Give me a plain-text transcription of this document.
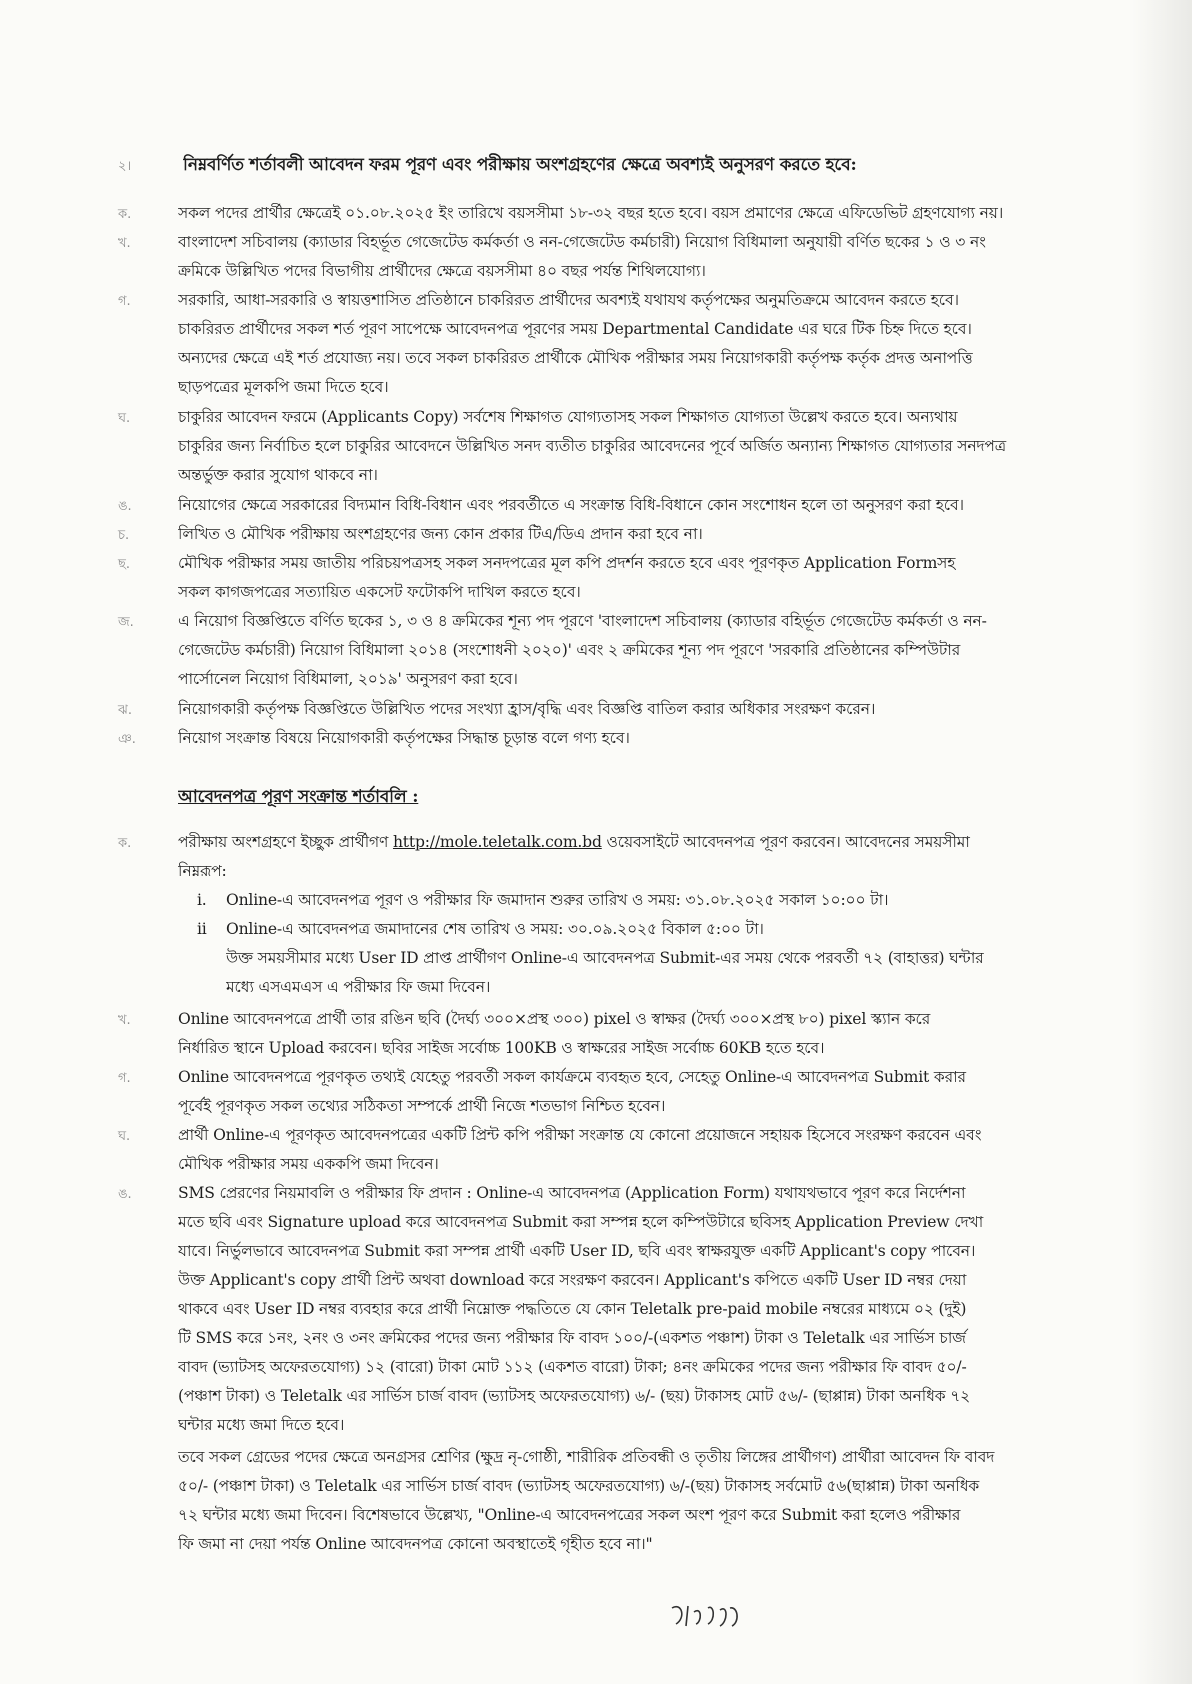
২।	নিম্নবর্ণিত শর্তাবলী আবেদন ফরম পূরণ এবং পরীক্ষায় অংশগ্রহণের ক্ষেত্রে অবশ্যই অনুসরণ করতে হবে:
ক.	সকল পদের প্রার্থীর ক্ষেত্রেই ০১.০৮.২০২৫ ইং তারিখে বয়সসীমা ১৮-৩২ বছর হতে হবে। বয়স প্রমাণের ক্ষেত্রে এফিডেভিট গ্রহণযোগ্য নয়।
খ.	বাংলাদেশ সচিবালয় (ক্যাডার বিহর্ভূত গেজেটেড কর্মকর্তা ও নন-গেজেটেড কর্মচারী) নিয়োগ বিধিমালা অনুযায়ী বর্ণিত ছকের ১ ও ৩ নং
ক্রমিকে উল্লিখিত পদের বিভাগীয় প্রার্থীদের ক্ষেত্রে বয়সসীমা ৪০ বছর পর্যন্ত শিথিলযোগ্য।
গ.	সরকারি, আধা-সরকারি ও স্বায়ত্তশাসিত প্রতিষ্ঠানে চাকরিরত প্রার্থীদের অবশ্যই যথাযথ কর্তৃপক্ষের অনুমতিক্রমে আবেদন করতে হবে।
চাকরিরত প্রার্থীদের সকল শর্ত পূরণ সাপেক্ষে আবেদনপত্র পূরণের সময় Departmental Candidate এর ঘরে টিক চিহ্ন দিতে হবে।
অন্যদের ক্ষেত্রে এই শর্ত প্রযোজ্য নয়। তবে সকল চাকরিরত প্রার্থীকে মৌখিক পরীক্ষার সময় নিয়োগকারী কর্তৃপক্ষ কর্তৃক প্রদত্ত অনাপত্তি
ছাড়পত্রের মূলকপি জমা দিতে হবে।
ঘ.	চাকুরির আবেদন ফরমে (Applicants Copy) সর্বশেষ শিক্ষাগত যোগ্যতাসহ সকল শিক্ষাগত যোগ্যতা উল্লেখ করতে হবে। অন্যথায়
চাকুরির জন্য নির্বাচিত হলে চাকুরির আবেদনে উল্লিখিত সনদ ব্যতীত চাকুরির আবেদনের পূর্বে অর্জিত অন্যান্য শিক্ষাগত যোগ্যতার সনদপত্র
অন্তর্ভুক্ত করার সুযোগ থাকবে না।
ঙ.	নিয়োগের ক্ষেত্রে সরকারের বিদ্যমান বিধি-বিধান এবং পরবর্তীতে এ সংক্রান্ত বিধি-বিধানে কোন সংশোধন হলে তা অনুসরণ করা হবে।
চ.	লিখিত ও মৌখিক পরীক্ষায় অংশগ্রহণের জন্য কোন প্রকার টিএ/ডিএ প্রদান করা হবে না।
ছ.	মৌখিক পরীক্ষার সময় জাতীয় পরিচয়পত্রসহ সকল সনদপত্রের মূল কপি প্রদর্শন করতে হবে এবং পূরণকৃত Application Formসহ
সকল কাগজপত্রের সত্যায়িত একসেট ফটোকপি দাখিল করতে হবে।
জ.	এ নিয়োগ বিজ্ঞপ্তিতে বর্ণিত ছকের ১, ৩ ও ৪ ক্রমিকের শূন্য পদ পূরণে 'বাংলাদেশ সচিবালয় (ক্যাডার বহির্ভূত গেজেটেড কর্মকর্তা ও নন-
গেজেটেড কর্মচারী) নিয়োগ বিধিমালা ২০১৪ (সংশোধনী ২০২০)' এবং ২ ক্রমিকের শূন্য পদ পূরণে 'সরকারি প্রতিষ্ঠানের কম্পিউটার
পার্সোনেল নিয়োগ বিধিমালা, ২০১৯' অনুসরণ করা হবে।
ঝ.	নিয়োগকারী কর্তৃপক্ষ বিজ্ঞপ্তিতে উল্লিখিত পদের সংখ্যা হ্রাস/বৃদ্ধি এবং বিজ্ঞপ্তি বাতিল করার অধিকার সংরক্ষণ করেন।
ঞ.	নিয়োগ সংক্রান্ত বিষয়ে নিয়োগকারী কর্তৃপক্ষের সিদ্ধান্ত চূড়ান্ত বলে গণ্য হবে।
আবেদনপত্র পূরণ সংক্রান্ত শর্তাবলি :
ক.	পরীক্ষায় অংশগ্রহণে ইচ্ছুক প্রার্থীগণ http://mole.teletalk.com.bd ওয়েবসাইটে আবেদনপত্র পূরণ করবেন। আবেদনের সময়সীমা
নিম্নরূপ:
i.	Online-এ আবেদনপত্র পূরণ ও পরীক্ষার ফি জমাদান শুরুর তারিখ ও সময়: ৩১.০৮.২০২৫ সকাল ১০:০০ টা।
ii	Online-এ আবেদনপত্র জমাদানের শেষ তারিখ ও সময়: ৩০.০৯.২০২৫ বিকাল ৫:০০ টা।
উক্ত সময়সীমার মধ্যে User ID প্রাপ্ত প্রার্থীগণ Online-এ আবেদনপত্র Submit-এর সময় থেকে পরবর্তী ৭২ (বাহাত্তর) ঘন্টার
মধ্যে এসএমএস এ পরীক্ষার ফি জমা দিবেন।
খ.	Online আবেদনপত্রে প্রার্থী তার রঙিন ছবি (দৈর্ঘ্য ৩০০×প্রস্থ ৩০০) pixel ও স্বাক্ষর (দৈর্ঘ্য ৩০০×প্রস্থ ৮০) pixel স্ক্যান করে
নির্ধারিত স্থানে Upload করবেন। ছবির সাইজ সর্বোচ্চ 100KB ও স্বাক্ষরের সাইজ সর্বোচ্চ 60KB হতে হবে।
গ.	Online আবেদনপত্রে পূরণকৃত তথ্যই যেহেতু পরবর্তী সকল কার্যক্রমে ব্যবহৃত হবে, সেহেতু Online-এ আবেদনপত্র Submit করার
পূর্বেই পূরণকৃত সকল তথ্যের সঠিকতা সম্পর্কে প্রার্থী নিজে শতভাগ নিশ্চিত হবেন।
ঘ.	প্রার্থী Online-এ পূরণকৃত আবেদনপত্রের একটি প্রিন্ট কপি পরীক্ষা সংক্রান্ত যে কোনো প্রয়োজনে সহায়ক হিসেবে সংরক্ষণ করবেন এবং
মৌখিক পরীক্ষার সময় এককপি জমা দিবেন।
ঙ.	SMS প্রেরণের নিয়মাবলি ও পরীক্ষার ফি প্রদান : Online-এ আবেদনপত্র (Application Form) যথাযথভাবে পূরণ করে নির্দেশনা
মতে ছবি এবং Signature upload করে আবেদনপত্র Submit করা সম্পন্ন হলে কম্পিউটারে ছবিসহ Application Preview দেখা
যাবে। নির্ভুলভাবে আবেদনপত্র Submit করা সম্পন্ন প্রার্থী একটি User ID, ছবি এবং স্বাক্ষরযুক্ত একটি Applicant's copy পাবেন।
উক্ত Applicant's copy প্রার্থী প্রিন্ট অথবা download করে সংরক্ষণ করবেন। Applicant's কপিতে একটি User ID নম্বর দেয়া
থাকবে এবং User ID নম্বর ব্যবহার করে প্রার্থী নিম্নোক্ত পদ্ধতিতে যে কোন Teletalk pre-paid mobile নম্বরের মাধ্যমে ০২ (দুই)
টি SMS করে ১নং, ২নং ও ৩নং ক্রমিকের পদের জন্য পরীক্ষার ফি বাবদ ১০০/-(একশত পঞ্চাশ) টাকা ও Teletalk এর সার্ভিস চার্জ
বাবদ (ভ্যাটসহ অফেরতযোগ্য) ১২ (বারো) টাকা মোট ১১২ (একশত বারো) টাকা; ৪নং ক্রমিকের পদের জন্য পরীক্ষার ফি বাবদ ৫০/-
(পঞ্চাশ টাকা) ও Teletalk এর সার্ভিস চার্জ বাবদ (ভ্যাটসহ অফেরতযোগ্য) ৬/- (ছয়) টাকাসহ মোট ৫৬/- (ছাপ্পান্ন) টাকা অনধিক ৭২
ঘন্টার মধ্যে জমা দিতে হবে।
তবে সকল গ্রেডের পদের ক্ষেত্রে অনগ্রসর শ্রেণির (ক্ষুদ্র নৃ-গোষ্ঠী, শারীরিক প্রতিবন্ধী ও তৃতীয় লিঙ্গের প্রার্থীগণ) প্রার্থীরা আবেদন ফি বাবদ
৫০/- (পঞ্চাশ টাকা) ও Teletalk এর সার্ভিস চার্জ বাবদ (ভ্যাটসহ অফেরতযোগ্য) ৬/-(ছয়) টাকাসহ সর্বমোট ৫৬(ছাপ্পান্ন) টাকা অনধিক
৭২ ঘন্টার মধ্যে জমা দিবেন। বিশেষভাবে উল্লেখ্য, "Online-এ আবেদনপত্রের সকল অংশ পূরণ করে Submit করা হলেও পরীক্ষার
ফি জমা না দেয়া পর্যন্ত Online আবেদনপত্র কোনো অবস্থাতেই গৃহীত হবে না।"
